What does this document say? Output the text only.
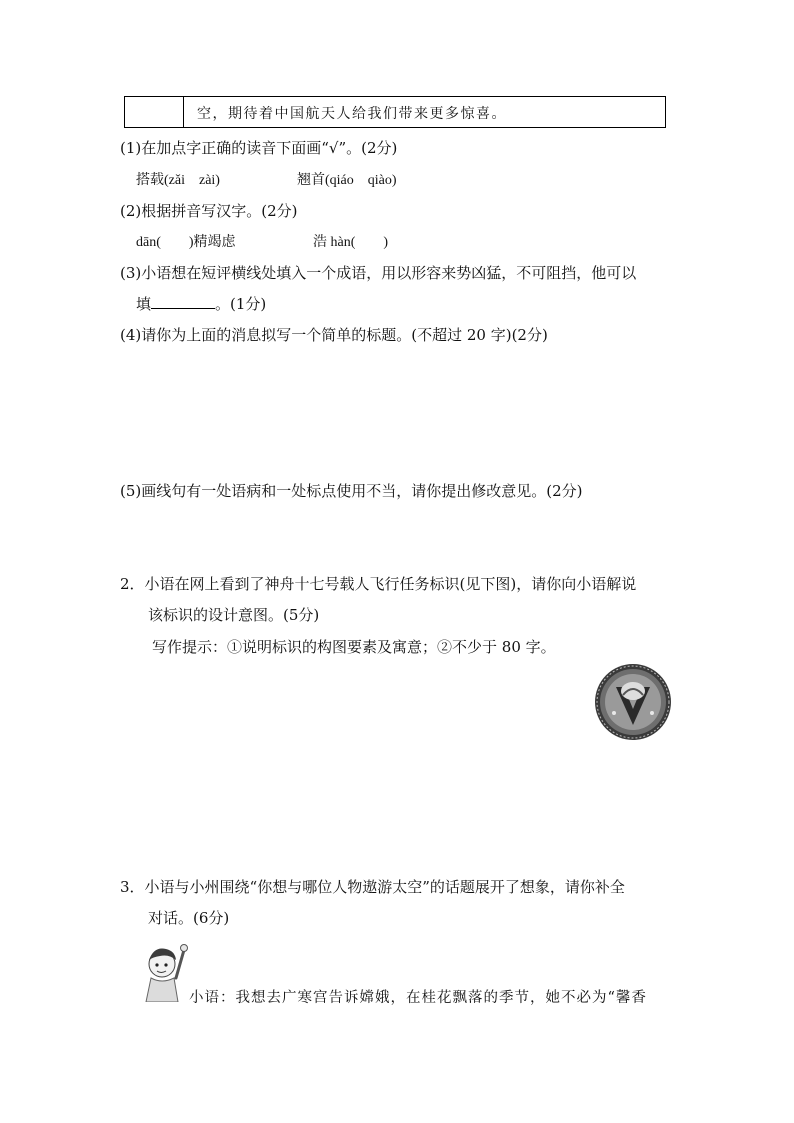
空，期待着中国航天人给我们带来更多惊喜。
(1)在加点字正确的读音下面画“√”。(2分)
搭载(zǎi　zài)	翘首(qiáo　qiào)
(2)根据拼音写汉字。(2分)
dān(　　)精竭虑	浩 hàn(　　)
(3)小语想在短评横线处填入一个成语，用以形容来势凶猛，不可阻挡，他可以
填	。(1分)
(4)请你为上面的消息拟写一个简单的标题。(不超过 20 字)(2分)
(5)画线句有一处语病和一处标点使用不当，请你提出修改意见。(2分)
2．小语在网上看到了神舟十七号载人飞行任务标识(见下图)，请你向小语解说
该标识的设计意图。(5分)
写作提示：①说明标识的构图要素及寓意；②不少于 80 字。
3．小语与小州围绕“你想与哪位人物遨游太空”的话题展开了想象，请你补全
对话。(6分)
小语：我想去广寒宫告诉嫦娥，在桂花飘落的季节，她不必为“馨香
